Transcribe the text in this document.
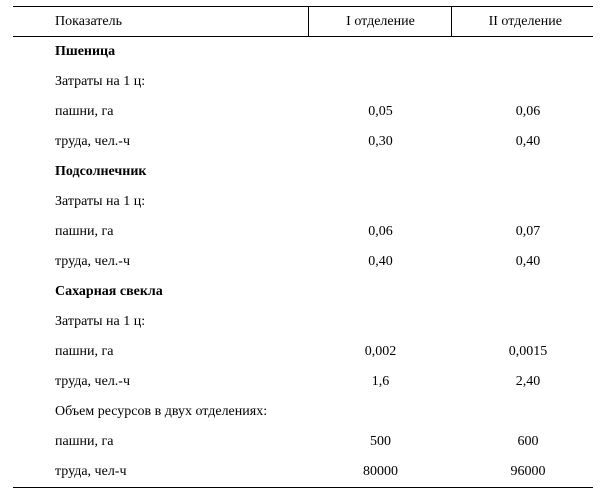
Показатель	I отделение	II отделение
Пшеница		
Затраты на 1 ц:		
пашни, га	0,05	0,06
труда, чел.-ч	0,30	0,40
Подсолнечник		
Затраты на 1 ц:		
пашни, га	0,06	0,07
труда, чел.-ч	0,40	0,40
Сахарная свекла		
Затраты на 1 ц:		
пашни, га	0,002	0,0015
труда, чел.-ч	1,6	2,40
Объем ресурсов в двух отделениях:		
пашни, га	500	600
труда, чел-ч	80000	96000
